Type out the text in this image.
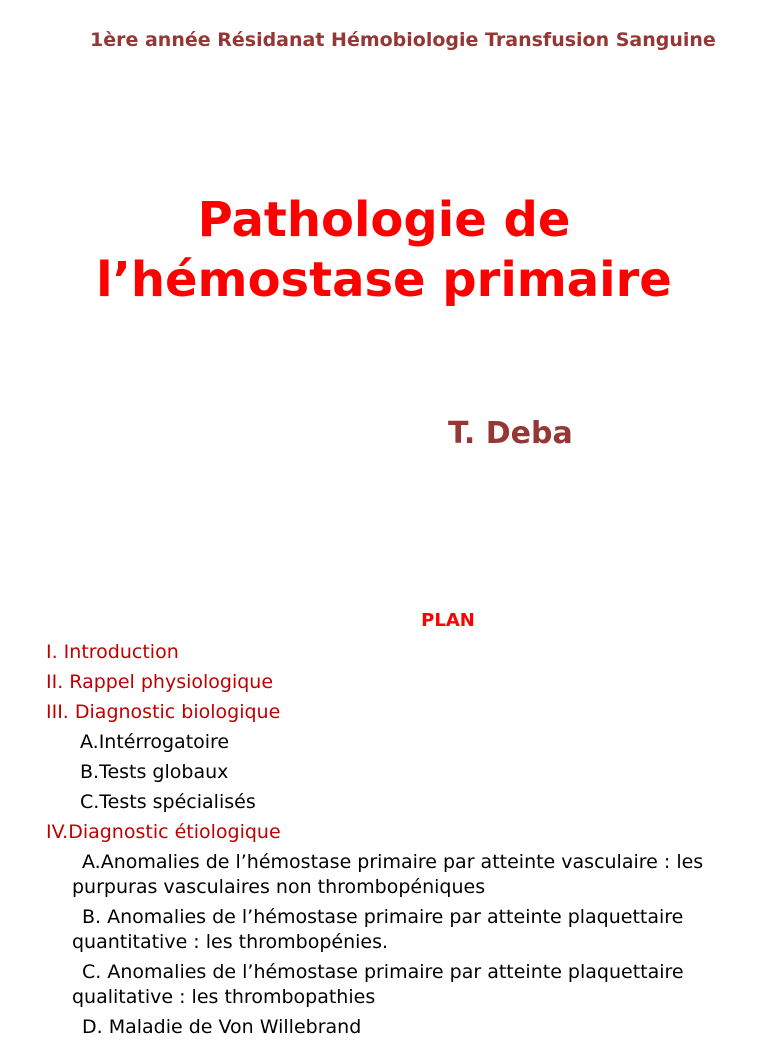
1ère année Résidanat Hémobiologie Transfusion Sanguine
Pathologie de
l’hémostase primaire
T. Deba
PLAN
I. Introduction
II. Rappel physiologique
III. Diagnostic biologique
A.Intérrogatoire
B.Tests globaux
C.Tests spécialisés
IV.Diagnostic étiologique
A.Anomalies de l’hémostase primaire par atteinte vasculaire : les purpuras vasculaires non thrombopéniques
B. Anomalies de l’hémostase primaire par atteinte plaquettaire quantitative : les thrombopénies.
C. Anomalies de l’hémostase primaire par atteinte plaquettaire qualitative : les thrombopathies
D. Maladie de Von Willebrand
